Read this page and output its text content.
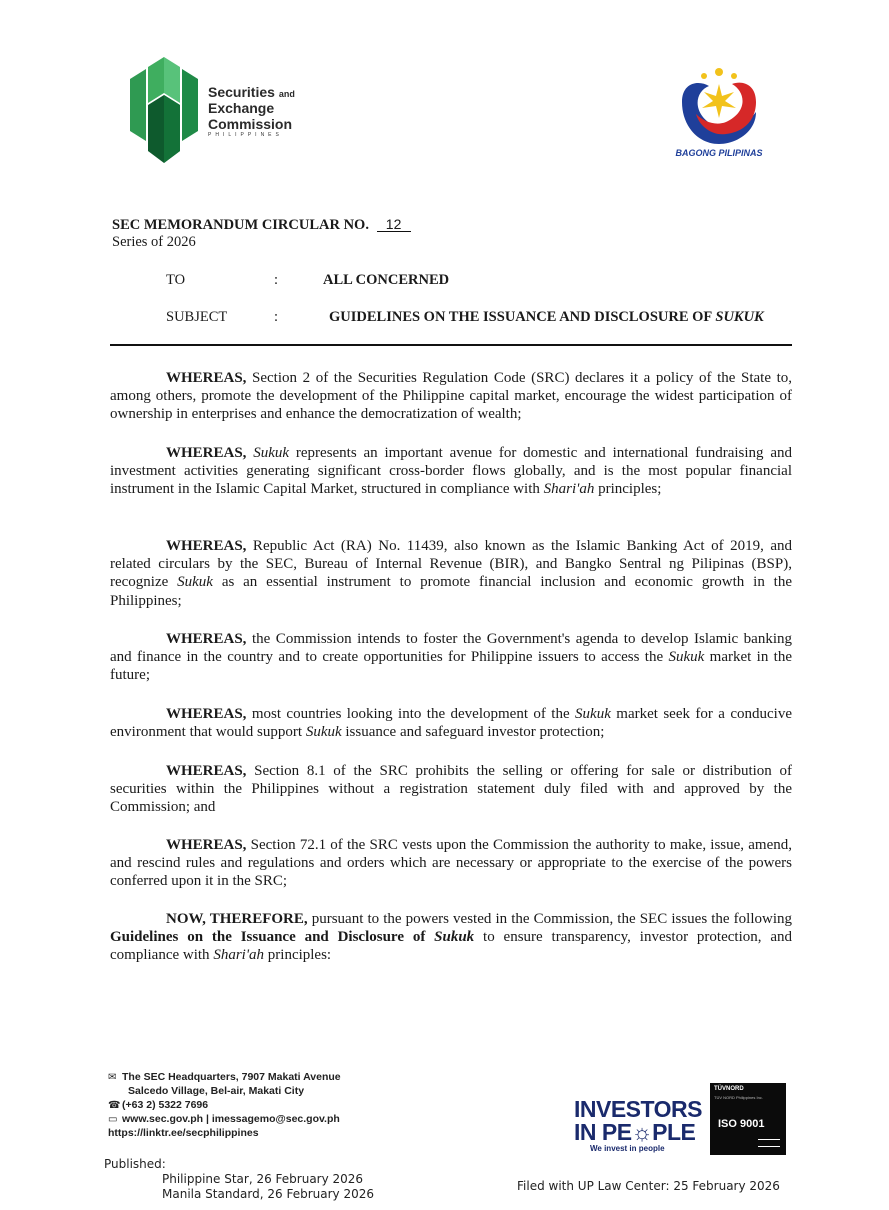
Securities and
Exchange
Commission
PHILIPPINES
BAGONG PILIPINAS
SEC MEMORANDUM CIRCULAR NO. 12
Series of 2026
TO	:	ALL CONCERNED
SUBJECT	:	GUIDELINES ON THE ISSUANCE AND DISCLOSURE OF SUKUK

WHEREAS, Section 2 of the Securities Regulation Code (SRC) declares it a policy of the State to, among others, promote the development of the Philippine capital market, encourage the widest participation of ownership in enterprises and enhance the democratization of wealth;

WHEREAS, Sukuk represents an important avenue for domestic and international fundraising and investment activities generating significant cross-border flows globally, and is the most popular financial instrument in the Islamic Capital Market, structured in compliance with Shari'ah principles;

WHEREAS, Republic Act (RA) No. 11439, also known as the Islamic Banking Act of 2019, and related circulars by the SEC, Bureau of Internal Revenue (BIR), and Bangko Sentral ng Pilipinas (BSP), recognize Sukuk as an essential instrument to promote financial inclusion and economic growth in the Philippines;

WHEREAS, the Commission intends to foster the Government's agenda to develop Islamic banking and finance in the country and to create opportunities for Philippine issuers to access the Sukuk market in the future;

WHEREAS, most countries looking into the development of the Sukuk market seek for a conducive environment that would support Sukuk issuance and safeguard investor protection;

WHEREAS, Section 8.1 of the SRC prohibits the selling or offering for sale or distribution of securities within the Philippines without a registration statement duly filed with and approved by the Commission; and

WHEREAS, Section 72.1 of the SRC vests upon the Commission the authority to make, issue, amend, and rescind rules and regulations and orders which are necessary or appropriate to the exercise of the powers conferred upon it in the SRC;

NOW, THEREFORE, pursuant to the powers vested in the Commission, the SEC issues the following Guidelines on the Issuance and Disclosure of Sukuk to ensure transparency, investor protection, and compliance with Shari'ah principles:

✉ The SEC Headquarters, 7907 Makati Avenue
Salcedo Village, Bel-air, Makati City
☎ (+63 2) 5322 7696
▭ www.sec.gov.ph | imessagemo@sec.gov.ph
https://linktr.ee/secphilippines
INVESTORS
IN PE☼PLE
We invest in people
TÜVNORD
TÜV NORD Philippines Inc.
ISO 9001
Published:
Philippine Star, 26 February 2026
Manila Standard, 26 February 2026
Filed with UP Law Center: 25 February 2026
